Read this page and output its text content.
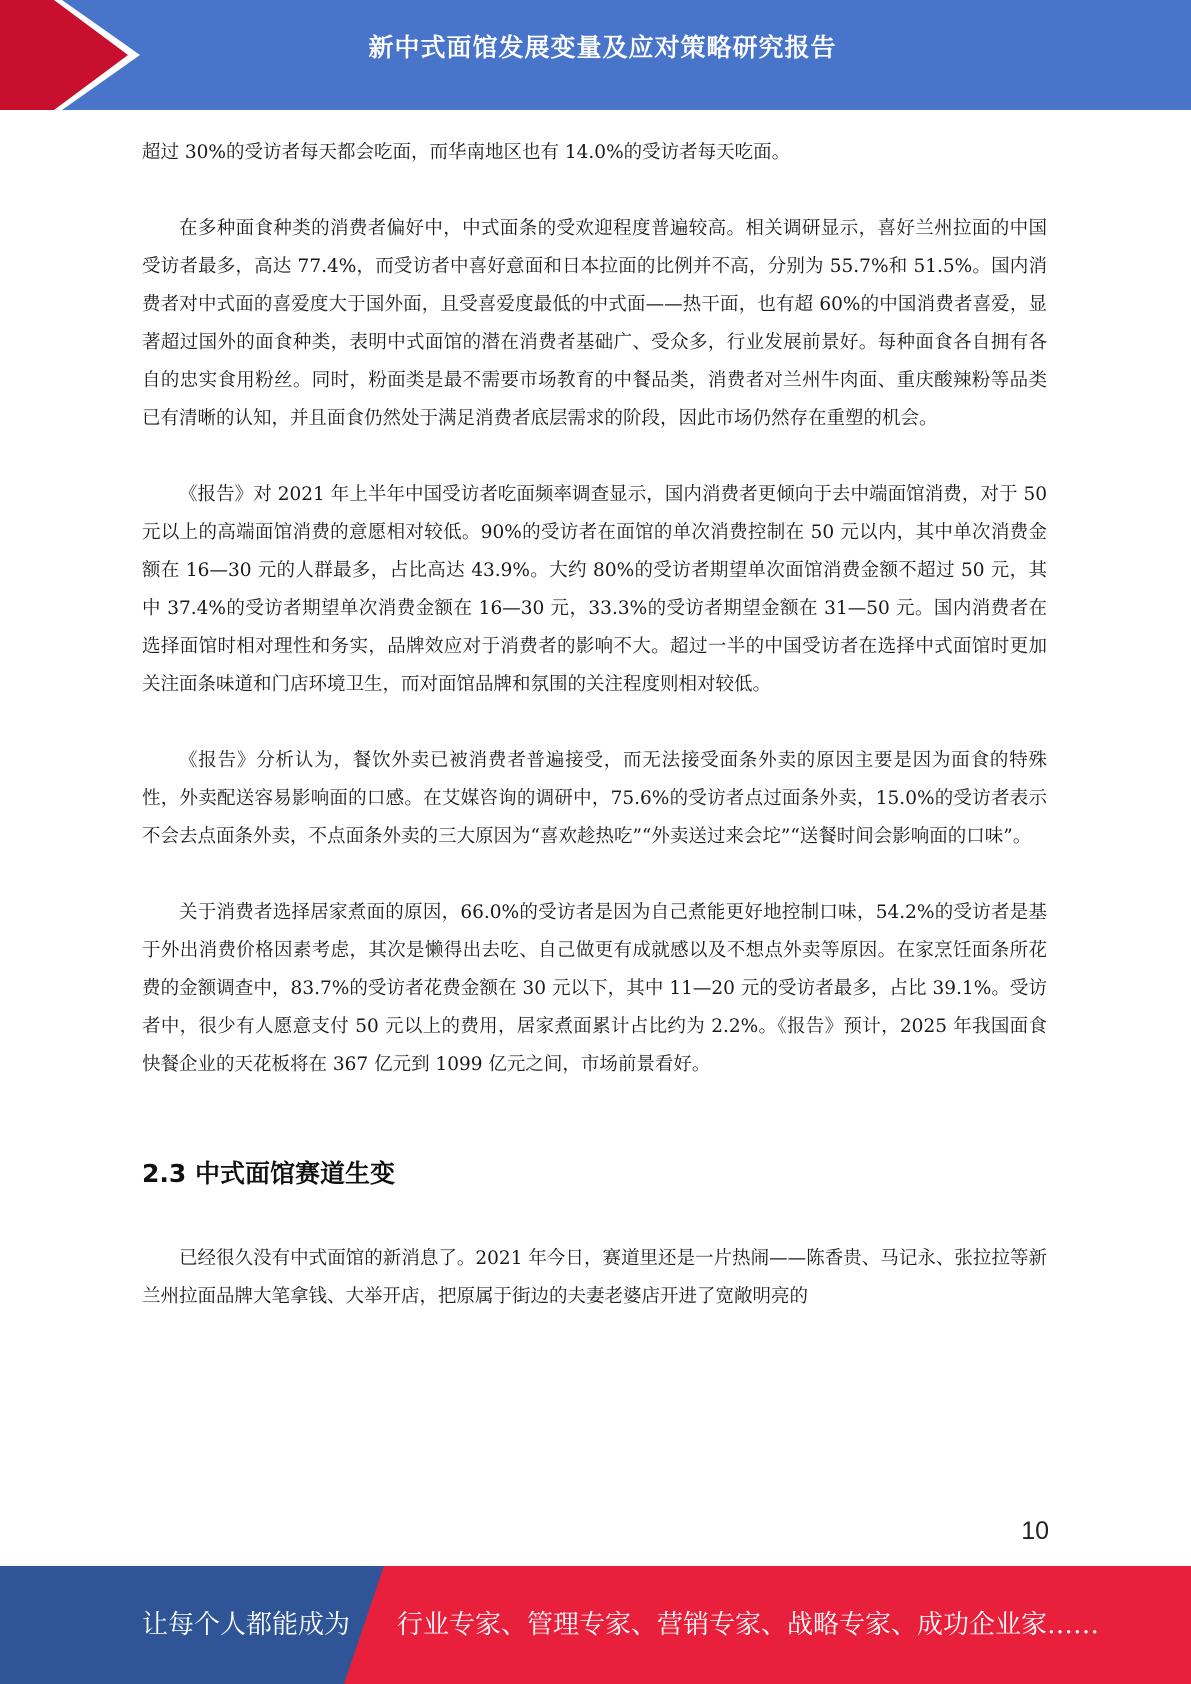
新中式面馆发展变量及应对策略研究报告

超过 30%的受访者每天都会吃面，而华南地区也有 14.0%的受访者每天吃面。

在多种面食种类的消费者偏好中，中式面条的受欢迎程度普遍较高。相关调研显示，喜好兰州拉面的中国受访者最多，高达 77.4%，而受访者中喜好意面和日本拉面的比例并不高，分别为 55.7%和 51.5%。国内消费者对中式面的喜爱度大于国外面，且受喜爱度最低的中式面——热干面，也有超 60%的中国消费者喜爱，显著超过国外的面食种类，表明中式面馆的潜在消费者基础广、受众多，行业发展前景好。每种面食各自拥有各自的忠实食用粉丝。同时，粉面类是最不需要市场教育的中餐品类，消费者对兰州牛肉面、重庆酸辣粉等品类已有清晰的认知，并且面食仍然处于满足消费者底层需求的阶段，因此市场仍然存在重塑的机会。

《报告》对 2021 年上半年中国受访者吃面频率调查显示，国内消费者更倾向于去中端面馆消费，对于 50 元以上的高端面馆消费的意愿相对较低。90%的受访者在面馆的单次消费控制在 50 元以内，其中单次消费金额在 16—30 元的人群最多，占比高达 43.9%。大约 80%的受访者期望单次面馆消费金额不超过 50 元，其中 37.4%的受访者期望单次消费金额在 16—30 元，33.3%的受访者期望金额在 31—50 元。国内消费者在选择面馆时相对理性和务实，品牌效应对于消费者的影响不大。超过一半的中国受访者在选择中式面馆时更加关注面条味道和门店环境卫生，而对面馆品牌和氛围的关注程度则相对较低。

《报告》分析认为，餐饮外卖已被消费者普遍接受，而无法接受面条外卖的原因主要是因为面食的特殊性，外卖配送容易影响面的口感。在艾媒咨询的调研中，75.6%的受访者点过面条外卖，15.0%的受访者表示不会去点面条外卖，不点面条外卖的三大原因为“喜欢趁热吃”“外卖送过来会坨”“送餐时间会影响面的口味”。

关于消费者选择居家煮面的原因，66.0%的受访者是因为自己煮能更好地控制口味，54.2%的受访者是基于外出消费价格因素考虑，其次是懒得出去吃、自己做更有成就感以及不想点外卖等原因。在家烹饪面条所花费的金额调查中，83.7%的受访者花费金额在 30 元以下，其中 11—20 元的受访者最多，占比 39.1%。受访者中，很少有人愿意支付 50 元以上的费用，居家煮面累计占比约为 2.2%。《报告》预计，2025 年我国面食快餐企业的天花板将在 367 亿元到 1099 亿元之间，市场前景看好。

2.3 中式面馆赛道生变

已经很久没有中式面馆的新消息了。2021 年今日，赛道里还是一片热闹——陈香贵、马记永、张拉拉等新兰州拉面品牌大笔拿钱、大举开店，把原属于街边的夫妻老婆店开进了宽敞明亮的

10
让每个人都能成为 行业专家、管理专家、营销专家、战略专家、成功企业家……
